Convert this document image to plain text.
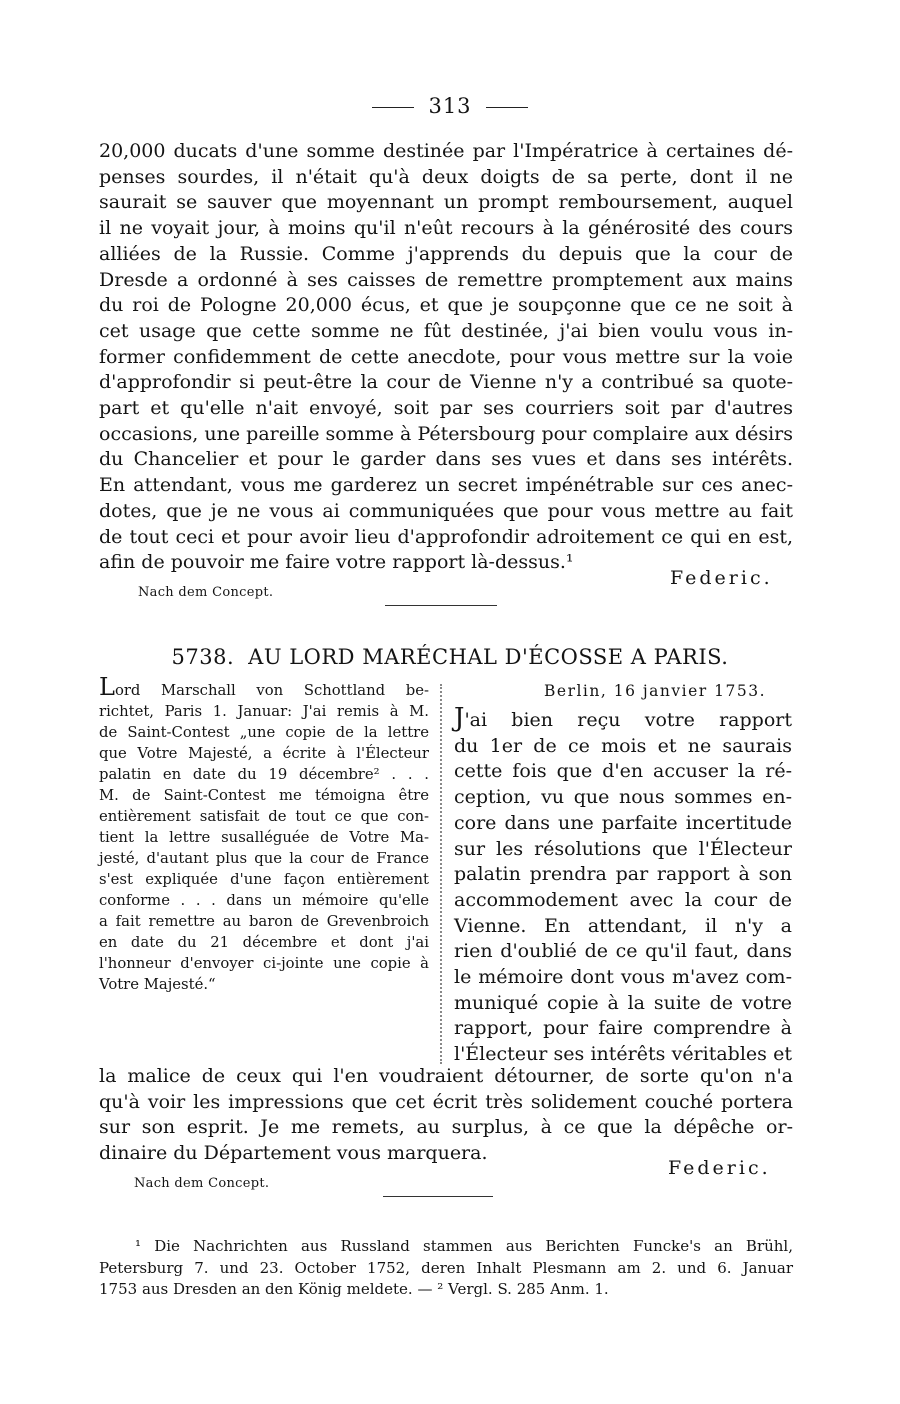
313
20,000 ducats d'une somme destinée par l'Impératrice à certaines dé-
penses sourdes, il n'était qu'à deux doigts de sa perte, dont il ne
saurait se sauver que moyennant un prompt remboursement, auquel
il ne voyait jour, à moins qu'il n'eût recours à la générosité des cours
alliées de la Russie. Comme j'apprends du depuis que la cour de
Dresde a ordonné à ses caisses de remettre promptement aux mains
du roi de Pologne 20,000 écus, et que je soupçonne que ce ne soit à
cet usage que cette somme ne fût destinée, j'ai bien voulu vous in-
former confidemment de cette anecdote, pour vous mettre sur la voie
d'approfondir si peut-être la cour de Vienne n'y a contribué sa quote-
part et qu'elle n'ait envoyé, soit par ses courriers soit par d'autres
occasions, une pareille somme à Pétersbourg pour complaire aux désirs
du Chancelier et pour le garder dans ses vues et dans ses intérêts.
En attendant, vous me garderez un secret impénétrable sur ces anec-
dotes, que je ne vous ai communiquées que pour vous mettre au fait
de tout ceci et pour avoir lieu d'approfondir adroitement ce qui en est,
afin de pouvoir me faire votre rapport là-dessus.¹
Federic.
Nach dem Concept.
5738. AU LORD MARÉCHAL D'ÉCOSSE A PARIS.
Lord Marschall von Schottland be-
richtet, Paris 1. Januar: J'ai remis à M.
de Saint-Contest „une copie de la lettre
que Votre Majesté, a écrite à l'Électeur
palatin en date du 19 décembre² . . .
M. de Saint-Contest me témoigna être
entièrement satisfait de tout ce que con-
tient la lettre susalléguée de Votre Ma-
jesté, d'autant plus que la cour de France
s'est expliquée d'une façon entièrement
conforme . . . dans un mémoire qu'elle
a fait remettre au baron de Grevenbroich
en date du 21 décembre et dont j'ai
l'honneur d'envoyer ci-jointe une copie à
Votre Majesté.“
Berlin, 16 janvier 1753.
J'ai bien reçu votre rapport
du 1er de ce mois et ne saurais
cette fois que d'en accuser la ré-
ception, vu que nous sommes en-
core dans une parfaite incertitude
sur les résolutions que l'Électeur
palatin prendra par rapport à son
accommodement avec la cour de
Vienne. En attendant, il n'y a
rien d'oublié de ce qu'il faut, dans
le mémoire dont vous m'avez com-
muniqué copie à la suite de votre
rapport, pour faire comprendre à
l'Électeur ses intérêts véritables et
la malice de ceux qui l'en voudraient détourner, de sorte qu'on n'a
qu'à voir les impressions que cet écrit très solidement couché portera
sur son esprit. Je me remets, au surplus, à ce que la dépêche or-
dinaire du Département vous marquera.
Federic.
Nach dem Concept.
¹ Die Nachrichten aus Russland stammen aus Berichten Funcke's an Brühl,
Petersburg 7. und 23. October 1752, deren Inhalt Plesmann am 2. und 6. Januar
1753 aus Dresden an den König meldete. — ² Vergl. S. 285 Anm. 1.
